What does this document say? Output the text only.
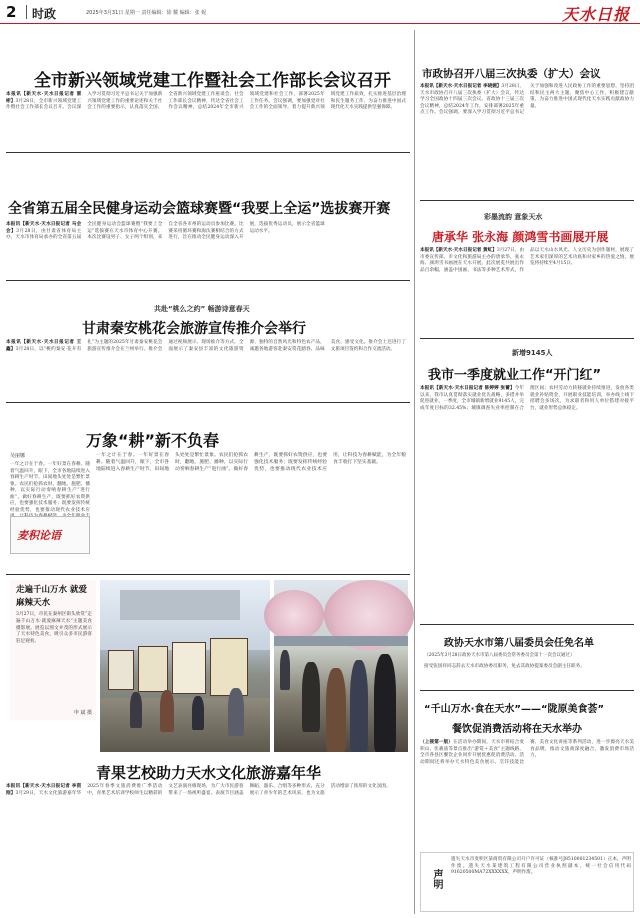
2 时政	2025年3月31日 星期一 责任编辑：徐 耀 编辑：张 妮	天水日报
全市新兴领域党建工作暨社会工作部长会议召开
本报讯【新天水·天水日报记者 雷 彬】3月28日，全市新兴领域党建工作暨社会工作部长会议召开。会议深入学习贯彻习近平总书记关于加强新兴领域党建工作的重要论述和关于社会工作的重要指示，认真落实全国、全省新兴领域党建工作座谈会、社会工作部长会议精神，传达全省社会工作会议精神，总结2024年全市新兴领域党建和社会工作，部署2025年工作任务。会议强调，要加强党对社会工作的全面领导，着力提升新兴领域党建工作质效，扎实推进基层治理和民生服务工作，为奋力推进中国式现代化天水实践提供坚强保障。
全省第五届全民健身运动会篮球赛暨“我要上全运”选拔赛开赛
本报讯【新天水·天水日报记者 马会会】3月28日，由甘肃省体育局主办，天水市体育局承办的全省第五届全民健身运动会篮球赛暨“我要上全运”选拔赛在天水市体育中心开赛。本次比赛设男子、女子两个组别，来自全省各市州的运动员参加比赛。比赛采用循环赛和淘汰赛相结合的方式进行，旨在推动全民健身运动深入开展，选拔优秀运动员，展示全省篮球运动水平。
共赴“桃么之约” 畅游诗意春天
甘肃秦安桃花会旅游宣传推介会举行
本报讯【新天水·天水日报记者 王 鑫】3月28日，以“桃约秦安·花开有礼”为主题的2025年甘肃秦安桃花会旅游宣传推介会在兰州举行。推介会通过视频展示、现场推介等方式，全面展示了秦安县丰富的文化旅游资源、独特的自然风光和特色农产品，诚邀各地游客赴秦安赏花踏春、品味美食、感受文化。推介会上还进行了文旅项目签约和合作交流活动。
万象“耕”新不负春
吴丽娜
一年之计在于春。一年好景在春耕。随着气温回升，眼下，全市各地陆续进入春耕生产时节，田间地头处处是繁忙景象。农民们抢抓农时，翻地、施肥、播种，以实际行动奏响春耕生产“进行曲”。做好春耕生产，既要抓好农资供应，也要强化技术服务；既要发挥传统经验优势，也要推动现代农业技术应
麦积论语
一年之计在于春。一年好景在春耕。随着气温回升，眼下，全市各地陆续进入春耕生产时节，田间地头处处是繁忙景象。农民们抢抓农时，翻地、施肥、播种，以实际行动奏响春耕生产“进行曲”。做好春耕生产，既要抓好农资供应，也要强化技术服务；既要发挥传统经验优势，也要推动现代农业技术应用，让科技为春耕赋能，为全年粮食丰收打下坚实基础。
走遍千山万水 就爱麻辣天水
3月27日，市民在秦州区街头欣赏“走遍千山万水·就爱麻辣天水”主题美食摄影展。展览以图文并茂的形式展示了天水特色美食，吸引众多市民游客驻足观看。
申 斌 摄
青果艺校助力天水文化旅游嘉年华
本报讯【新天水·天水日报记者 李资刚】3月29日，天水文化旅游嘉年华2025年春季文旅消费推广季活动中，青果艺术培训学校师生以精彩的文艺表演亮相现场，为广大市民游客带来了一场视听盛宴。表演节目涵盖舞蹈、器乐、合唱等多种形式，充分展示了青少年的艺术风采，也为文旅活动增添了浓厚的文化氛围。
市政协召开八届三次执委（扩大）会议
本报讯【新天水·天水日报记者 李晓婉】3月28日，天水市政协召开八届三次执委（扩大）会议，传达学习全国政协十四届三次会议、省政协十三届三次会议精神，总结2024年工作，安排部署2025年重点工作。会议强调，要深入学习贯彻习近平总书记关于加强和改进人民政协工作的重要思想，坚持团结和民主两大主题，聚焦中心工作，积极建言献策，为奋力推进中国式现代化天水实践贡献政协力量。
彩墨流韵 意象天水
唐承华 张永海 颜鸿雪书画展开展
本报讯【新天水·天水日报记者 黄虹】3月27日，由市委宣传部、市文化和旅游局主办的唐承华、张永海、颜鸿雪书画展在天水开展。此次展览共展出作品百余幅，涵盖中国画、书法等多种艺术形式，作品以天水山水风光、人文历史为创作题材，展现了艺术家们深厚的艺术功底和对家乡的热爱之情。展览将持续至4月15日。
新增9145人
我市一季度就业工作“开门红”
本报讯【新天水·天水日报记者 陈婷婷 张蕾】今年以来，我市认真贯彻落实就业优先战略，多措并举促进就业。一季度，全市城镇新增就业9145人，完成年度目标的32.45%；城镇调查失业率控制在合理区间；农村劳动力转移就业持续推进，发放各类就业补贴资金，开展职业技能培训，举办线上线下招聘会多场次，为求职者和用人单位搭建对接平台，就业形势总体稳定。
政协天水市第八届委员会任免名单
（2025年3月28日政协天水市第八届委员会常务委员会第十一次会议通过）
接受张国祥同志辞去天水市政协委员职务，免去其政协提案委员会副主任职务。
“千山万水·食在天水”——“陇原美食荟”
餐饮促消费活动将在天水举办
（上接第一版）在活动举办期间，天水市将结合麦积山、伏羲庙等景点推出“游赏＋美食”主题线路，全市各县区餐饮企业同步开展优惠促消费活动。活动期间还将举办天水特色美食展示、烹饪技能比赛、美食文化讲座等系列活动，进一步擦亮天水美食品牌，推动文旅商深度融合，激发消费市场活力。
声明
遗失天水市麦积区某商贸有限公司开户许可证（核准号J8510001234501）正本，声明作废。遗失天水某建筑工程有限公司营业执照副本，统一社会信用代码91620500MA72XXXXXX，声明作废。
